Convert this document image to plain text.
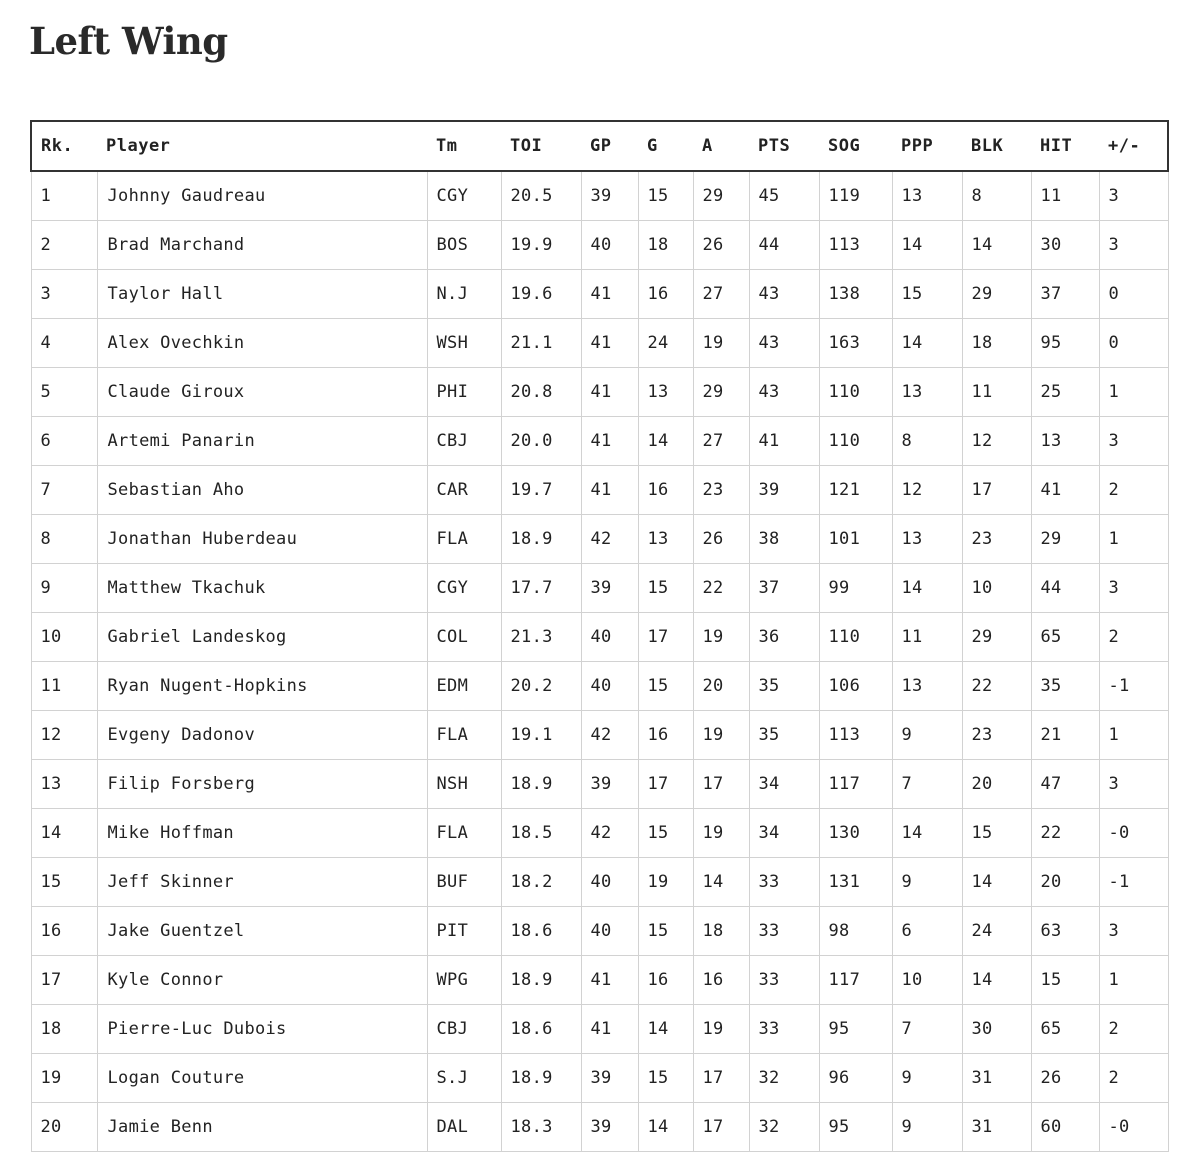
Left Wing
Rk.	Player	Tm	TOI	GP	G	A	PTS	SOG	PPP	BLK	HIT	+/-
1	Johnny Gaudreau	CGY	20.5	39	15	29	45	119	13	8	11	3
2	Brad Marchand	BOS	19.9	40	18	26	44	113	14	14	30	3
3	Taylor Hall	N.J	19.6	41	16	27	43	138	15	29	37	0
4	Alex Ovechkin	WSH	21.1	41	24	19	43	163	14	18	95	0
5	Claude Giroux	PHI	20.8	41	13	29	43	110	13	11	25	1
6	Artemi Panarin	CBJ	20.0	41	14	27	41	110	8	12	13	3
7	Sebastian Aho	CAR	19.7	41	16	23	39	121	12	17	41	2
8	Jonathan Huberdeau	FLA	18.9	42	13	26	38	101	13	23	29	1
9	Matthew Tkachuk	CGY	17.7	39	15	22	37	99	14	10	44	3
10	Gabriel Landeskog	COL	21.3	40	17	19	36	110	11	29	65	2
11	Ryan Nugent-Hopkins	EDM	20.2	40	15	20	35	106	13	22	35	-1
12	Evgeny Dadonov	FLA	19.1	42	16	19	35	113	9	23	21	1
13	Filip Forsberg	NSH	18.9	39	17	17	34	117	7	20	47	3
14	Mike Hoffman	FLA	18.5	42	15	19	34	130	14	15	22	-0
15	Jeff Skinner	BUF	18.2	40	19	14	33	131	9	14	20	-1
16	Jake Guentzel	PIT	18.6	40	15	18	33	98	6	24	63	3
17	Kyle Connor	WPG	18.9	41	16	16	33	117	10	14	15	1
18	Pierre-Luc Dubois	CBJ	18.6	41	14	19	33	95	7	30	65	2
19	Logan Couture	S.J	18.9	39	15	17	32	96	9	31	26	2
20	Jamie Benn	DAL	18.3	39	14	17	32	95	9	31	60	-0
